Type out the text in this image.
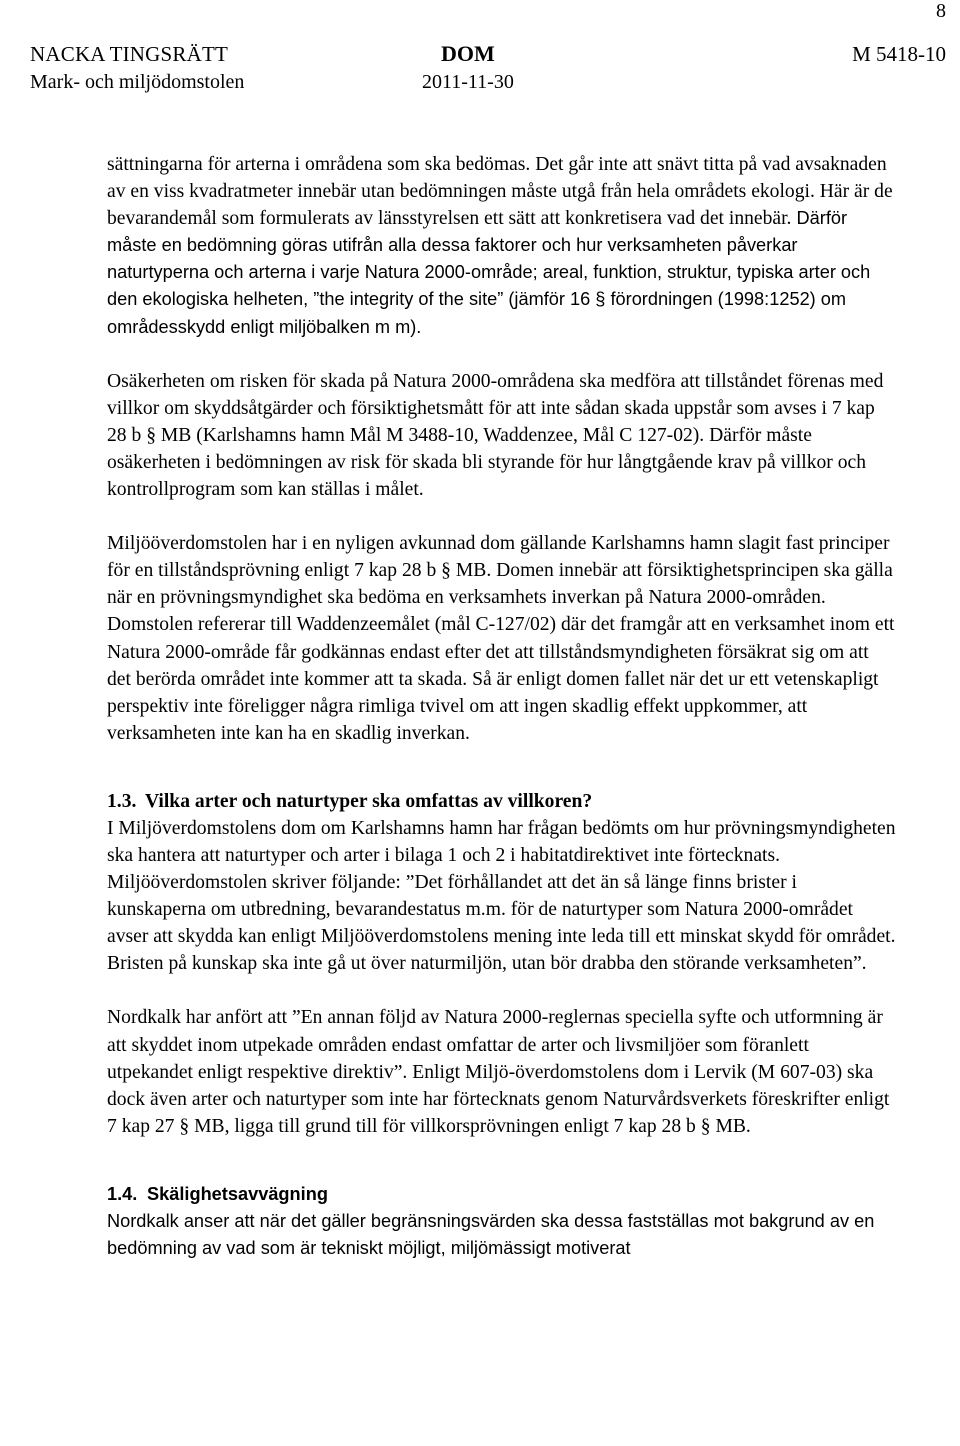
8
NACKA TINGSRÄTT
Mark- och miljödomstolen
DOM
2011-11-30
M 5418-10

sättningarna för arterna i områdena som ska bedömas. Det går inte att snävt titta på vad avsaknaden av en viss kvadratmeter innebär utan bedömningen måste utgå från hela områdets ekologi. Här är de bevarandemål som formulerats av länsstyrelsen ett sätt att konkretisera vad det innebär. Därför måste en bedömning göras utifrån alla dessa faktorer och hur verksamheten påverkar naturtyperna och arterna i varje Natura 2000-område; areal, funktion, struktur, typiska arter och den ekologiska helheten, ”the integrity of the site” (jämför 16 § förordningen (1998:1252) om områdesskydd enligt miljöbalken m m).

Osäkerheten om risken för skada på Natura 2000-områdena ska medföra att tillståndet förenas med villkor om skyddsåtgärder och försiktighetsmått för att inte sådan skada uppstår som avses i 7 kap 28 b § MB (Karlshamns hamn Mål M 3488-10, Waddenzee, Mål C 127-02). Därför måste osäkerheten i bedömningen av risk för skada bli styrande för hur långtgående krav på villkor och kontrollprogram som kan ställas i målet.

Miljööverdomstolen har i en nyligen avkunnad dom gällande Karlshamns hamn slagit fast principer för en tillståndsprövning enligt 7 kap 28 b § MB. Domen innebär att försiktighetsprincipen ska gälla när en prövningsmyndighet ska bedöma en verksamhets inverkan på Natura 2000-områden. Domstolen refererar till Waddenzeemålet (mål C-127/02) där det framgår att en verksamhet inom ett Natura 2000-område får godkännas endast efter det att tillståndsmyndigheten försäkrat sig om att det berörda området inte kommer att ta skada. Så är enligt domen fallet när det ur ett vetenskapligt perspektiv inte föreligger några rimliga tvivel om att ingen skadlig effekt uppkommer, att verksamheten inte kan ha en skadlig inverkan.

1.3. Vilka arter och naturtyper ska omfattas av villkoren?

I Miljöverdomstolens dom om Karlshamns hamn har frågan bedömts om hur prövningsmyndigheten ska hantera att naturtyper och arter i bilaga 1 och 2 i habitatdirektivet inte förtecknats. Miljööverdomstolen skriver följande: ”Det förhållandet att det än så länge finns brister i kunskaperna om utbredning, bevarandestatus m.m. för de naturtyper som Natura 2000-området avser att skydda kan enligt Miljööverdomstolens mening inte leda till ett minskat skydd för området. Bristen på kunskap ska inte gå ut över naturmiljön, utan bör drabba den störande verksamheten”.

Nordkalk har anfört att ”En annan följd av Natura 2000-reglernas speciella syfte och utformning är att skyddet inom utpekade områden endast omfattar de arter och livsmiljöer som föranlett utpekandet enligt respektive direktiv”. Enligt Miljö-överdomstolens dom i Lervik (M 607-03) ska dock även arter och naturtyper som inte har förtecknats genom Naturvårdsverkets föreskrifter enligt 7 kap 27 § MB, ligga till grund till för villkorsprövningen enligt 7 kap 28 b § MB.

1.4. Skälighetsavvägning

Nordkalk anser att när det gäller begränsningsvärden ska dessa fastställas mot bakgrund av en bedömning av vad som är tekniskt möjligt, miljömässigt motiverat
